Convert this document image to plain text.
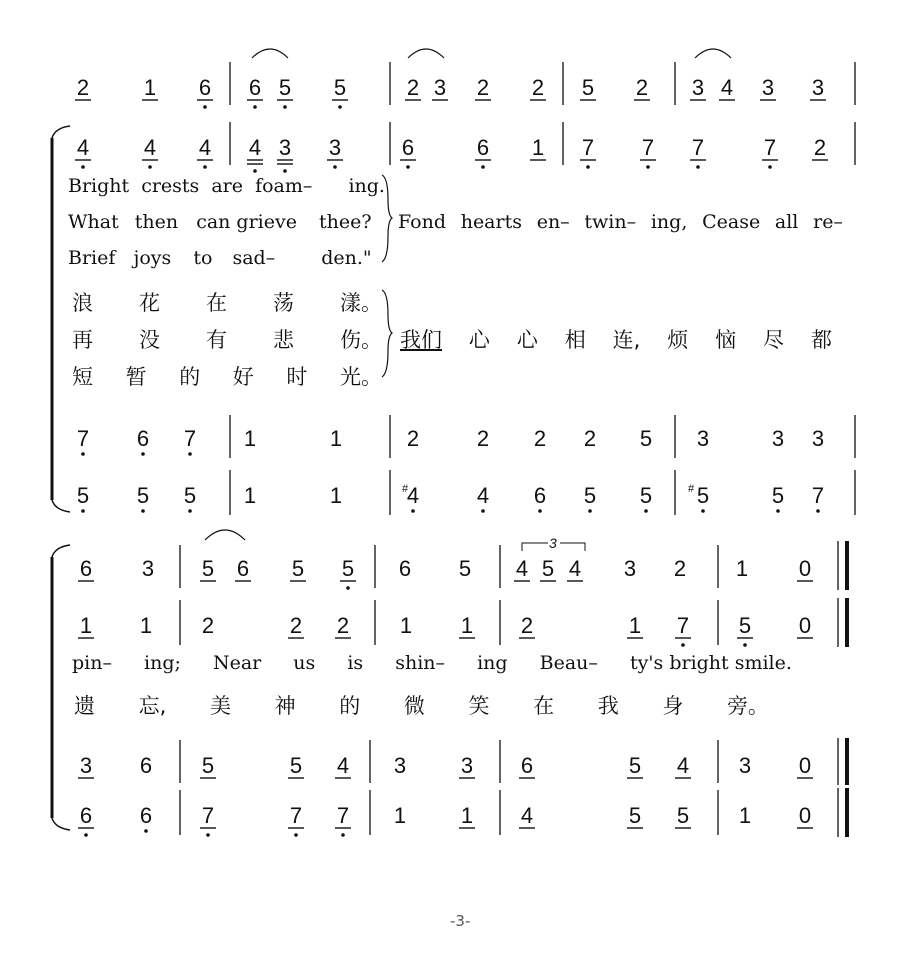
3
2 1 6 6 5 5	2 3 2 2 5 2 3 4 3 3
4 4 4 4 3 3	6	6 1 7 7 7	7 2
7 6 7 1	1	2	2 2 2 5 3	3 3
5 5 5 1	1	4	4 6 5 5 5	5 7
6 3 5 6 5 5 6 5 4 5 4 3 2 1 0
1 1 2	2 2 1 1 2	1 7 5 0
3 6 5	5 4 3 3 6	5 4 3 0
6 6 7	7 7 1 1 4	5 5 1 0
#	#
Bright crests are foam– ing.
What then can grieve thee?
Brief joys to sad– den."
Fond hearts en– twin– ing, Cease all re–
浪 花 在 荡 漾。
再 没 有 悲 伤。
短 暂 的 好 时 光。
我们 心 心 相 连, 烦 恼 尽 都
pin– ing; Near us is shin– ing Beau– ty's bright smile.
遗 忘, 美 神 的 微 笑 在 我 身 旁。
-3-
